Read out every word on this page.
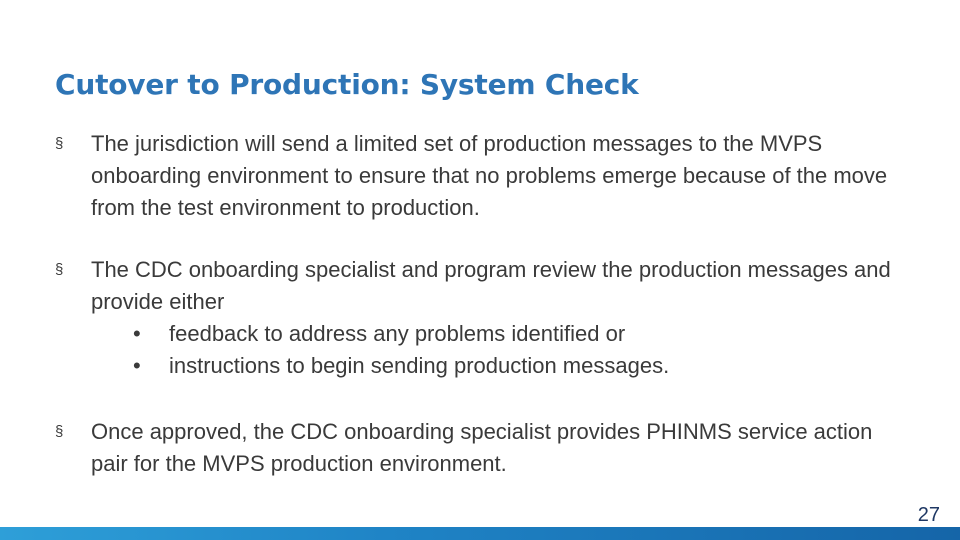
Cutover to Production: System Check
§	The jurisdiction will send a limited set of production messages to the MVPS onboarding environment to ensure that no problems emerge because of the move from the test environment to production.
§	The CDC onboarding specialist and program review the production messages and provide either
•	feedback to address any problems identified or
•	instructions to begin sending production messages.
§	Once approved, the CDC onboarding specialist provides PHINMS service action pair for the MVPS production environment.
27
